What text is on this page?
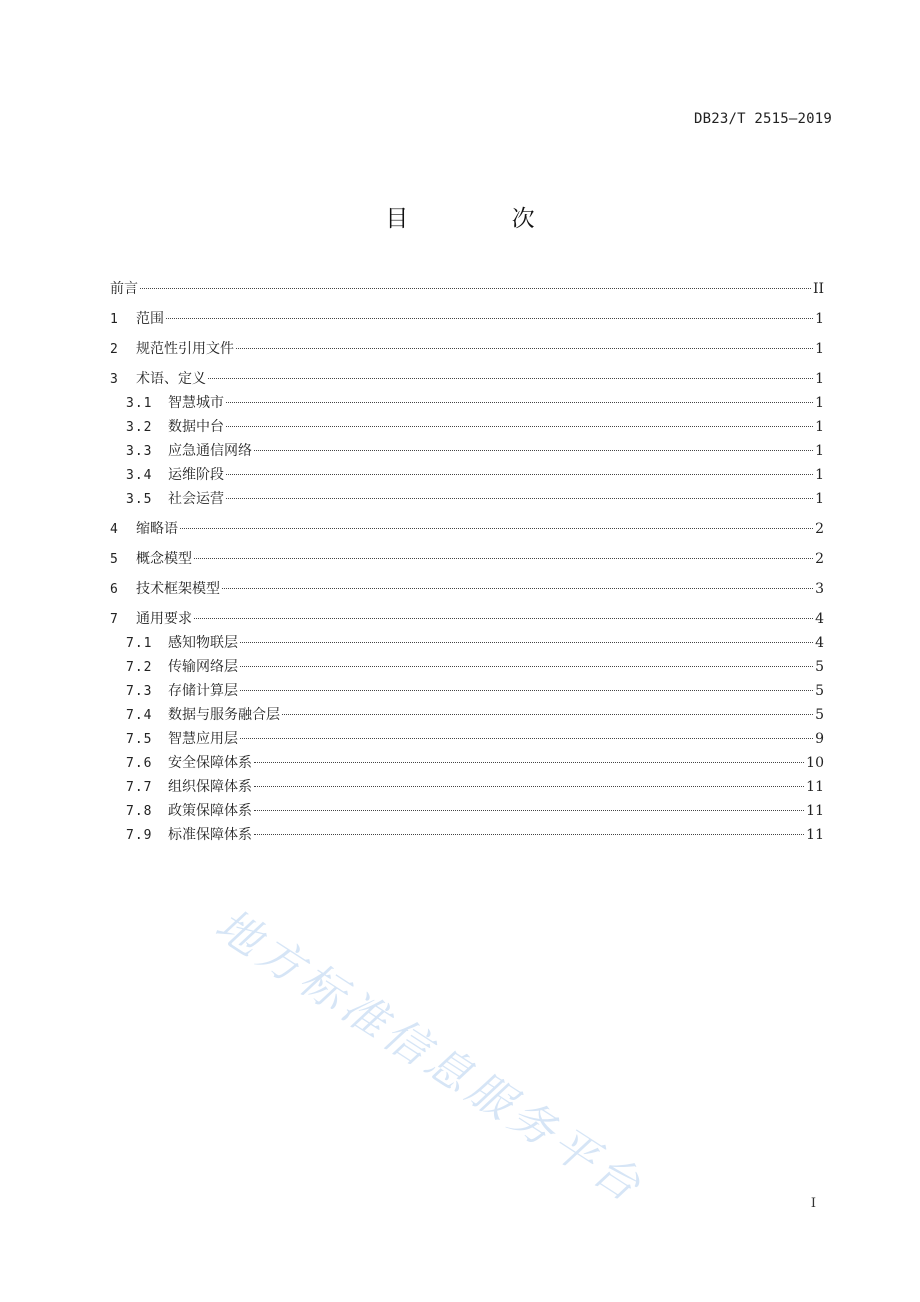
DB23/T 2515—2019
目 次
前言	II
1	范围	1
2	规范性引用文件	1
3	术语、定义	1
3.1	智慧城市	1
3.2	数据中台	1
3.3	应急通信网络	1
3.4	运维阶段	1
3.5	社会运营	1
4	缩略语	2
5	概念模型	2
6	技术框架模型	3
7	通用要求	4
7.1	感知物联层	4
7.2	传输网络层	5
7.3	存储计算层	5
7.4	数据与服务融合层	5
7.5	智慧应用层	9
7.6	安全保障体系	10
7.7	组织保障体系	11
7.8	政策保障体系	11
7.9	标准保障体系	11
地方标准信息服务平台	I
